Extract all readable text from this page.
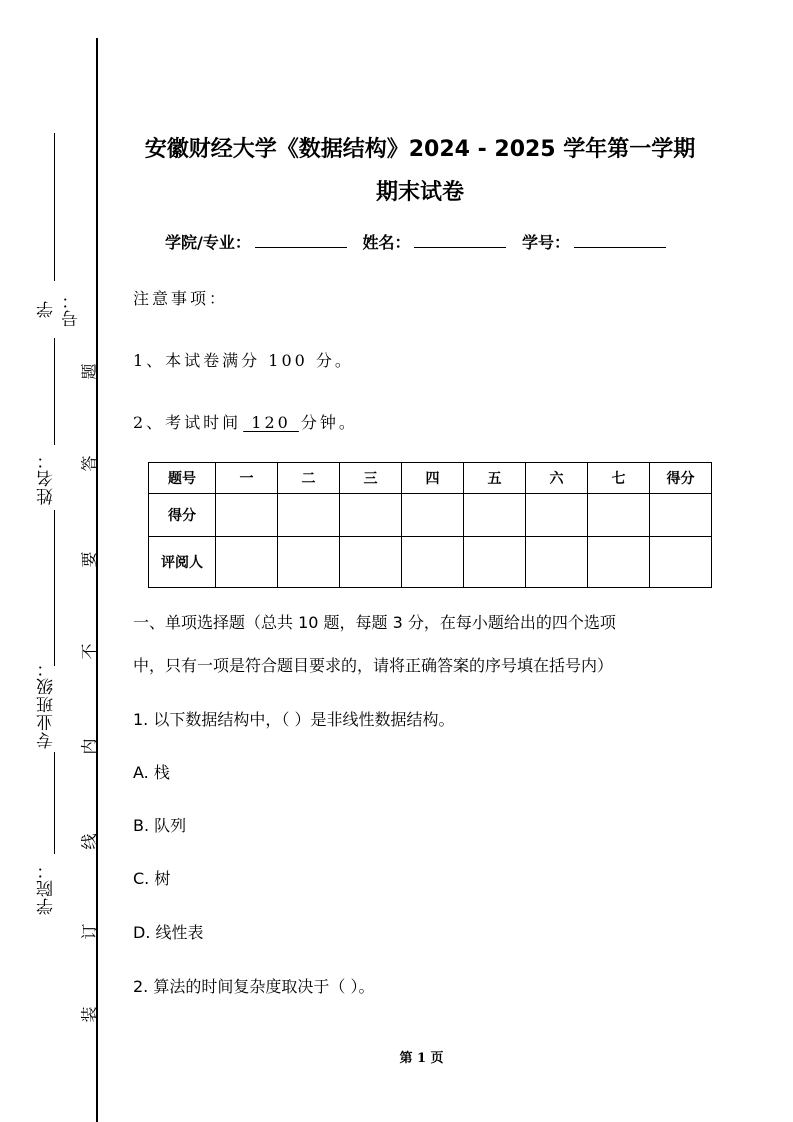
学号：
姓名：
专业班级：
学院：
题
答
要
不
内
线
订
装
安徽财经大学《数据结构》2024 - 2025 学年第一学期
期末试卷
学院/专业：	姓名：	学号：
注意事项：
1、本试卷满分 100 分。
2、考试时间 120 分钟。
题号	一	二	三	四	五	六	七	得分
得分								
评阅人								
一、单项选择题（总共 10 题，每题 3 分，在每小题给出的四个选项
中，只有一项是符合题目要求的，请将正确答案的序号填在括号内）
1. 以下数据结构中，（ ）是非线性数据结构。
A. 栈
B. 队列
C. 树
D. 线性表
2. 算法的时间复杂度取决于（ ）。
第 1 页
